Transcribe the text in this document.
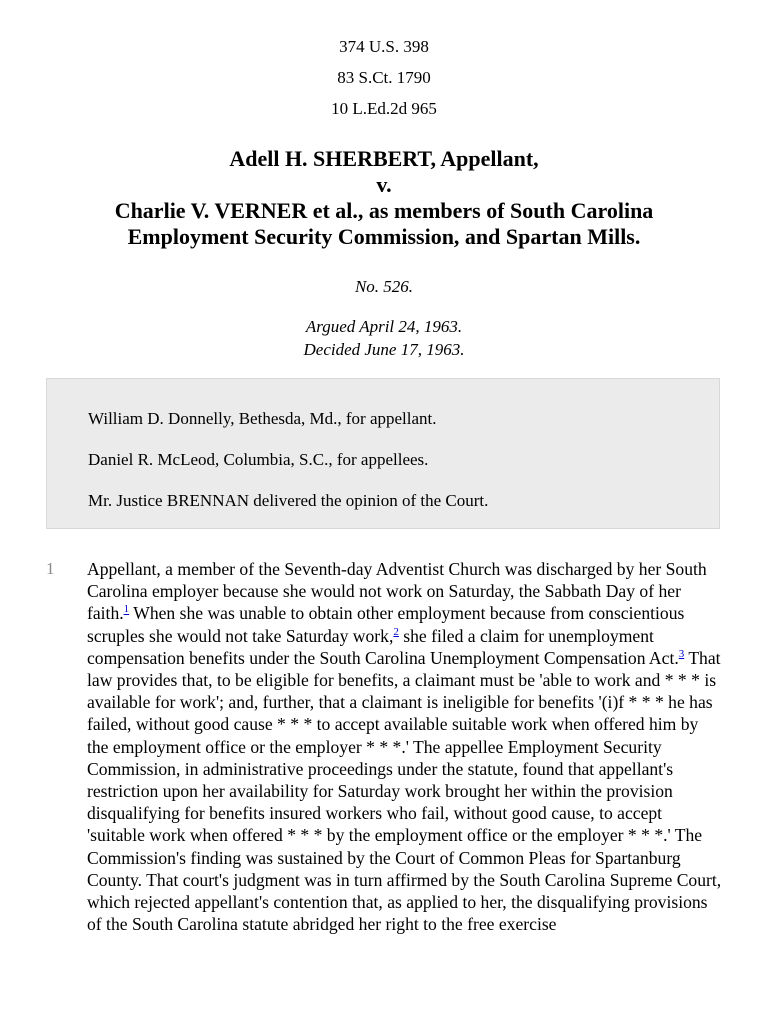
374 U.S. 398
83 S.Ct. 1790
10 L.Ed.2d 965
Adell H. SHERBERT, Appellant,
v.
Charlie V. VERNER et al., as members of South Carolina
Employment Security Commission, and Spartan Mills.
No. 526.
Argued April 24, 1963.
Decided June 17, 1963.
William D. Donnelly, Bethesda, Md., for appellant.
Daniel R. McLeod, Columbia, S.C., for appellees.
Mr. Justice BRENNAN delivered the opinion of the Court.
1 Appellant, a member of the Seventh-day Adventist Church was discharged by her South Carolina employer because she would not work on Saturday, the Sabbath Day of her faith.$^1$ When she was unable to obtain other employment because from conscientious scruples she would not take Saturday work,$^2$ she filed a claim for unemployment compensation benefits under the South Carolina Unemployment Compensation Act.$^3$ That law provides that, to be eligible for benefits, a claimant must be 'able to work and * * * is available for work'; and, further, that a claimant is ineligible for benefits '(i)f * * * he has failed, without good cause * * * to accept available suitable work when offered him by the employment office or the employer * * *.' The appellee Employment Security Commission, in administrative proceedings under the statute, found that appellant's restriction upon her availability for Saturday work brought her within the provision disqualifying for benefits insured workers who fail, without good cause, to accept 'suitable work when offered * * * by the employment office or the employer * * *.' The Commission's finding was sustained by the Court of Common Pleas for Spartanburg County. That court's judgment was in turn affirmed by the South Carolina Supreme Court, which rejected appellant's contention that, as applied to her, the disqualifying provisions of the South Carolina statute abridged her right to the free exercise
